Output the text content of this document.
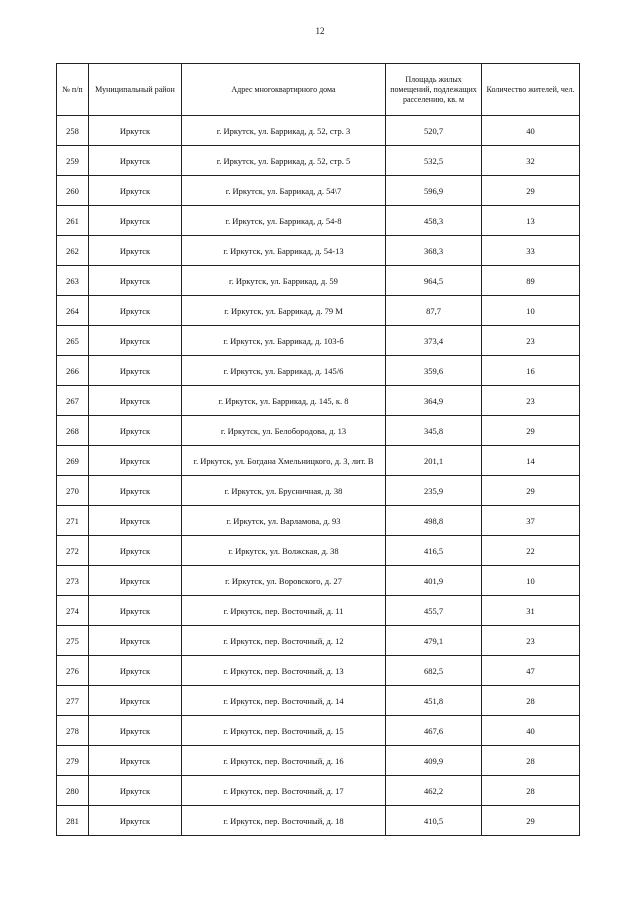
12
№ п/п	Муниципальный район	Адрес многоквартирного дома	Площадь жилых помещений, подлежащих расселению, кв. м	Количество жителей, чел.
258	Иркутск	г. Иркутск, ул. Баррикад, д. 52, стр. 3	520,7	40
259	Иркутск	г. Иркутск, ул. Баррикад, д. 52, стр. 5	532,5	32
260	Иркутск	г. Иркутск, ул. Баррикад, д. 54\7	596,9	29
261	Иркутск	г. Иркутск, ул. Баррикад, д. 54-8	458,3	13
262	Иркутск	г. Иркутск, ул. Баррикад, д. 54-13	368,3	33
263	Иркутск	г. Иркутск, ул. Баррикад, д. 59	964,5	89
264	Иркутск	г. Иркутск, ул. Баррикад, д. 79 М	87,7	10
265	Иркутск	г. Иркутск, ул. Баррикад, д. 103-б	373,4	23
266	Иркутск	г. Иркутск, ул. Баррикад, д. 145/6	359,6	16
267	Иркутск	г. Иркутск, ул. Баррикад, д. 145, к. 8	364,9	23
268	Иркутск	г. Иркутск, ул. Белобородова, д. 13	345,8	29
269	Иркутск	г. Иркутск, ул. Богдана Хмельницкого, д. 3, лит. В	201,1	14
270	Иркутск	г. Иркутск, ул. Брусничная, д. 38	235,9	29
271	Иркутск	г. Иркутск, ул. Варламова, д. 93	498,8	37
272	Иркутск	г. Иркутск, ул. Волжская, д. 38	416,5	22
273	Иркутск	г. Иркутск, ул. Воровского, д. 27	401,9	10
274	Иркутск	г. Иркутск, пер. Восточный, д. 11	455,7	31
275	Иркутск	г. Иркутск, пер. Восточный, д. 12	479,1	23
276	Иркутск	г. Иркутск, пер. Восточный, д. 13	682,5	47
277	Иркутск	г. Иркутск, пер. Восточный, д. 14	451,8	28
278	Иркутск	г. Иркутск, пер. Восточный, д. 15	467,6	40
279	Иркутск	г. Иркутск, пер. Восточный, д. 16	409,9	28
280	Иркутск	г. Иркутск, пер. Восточный, д. 17	462,2	28
281	Иркутск	г. Иркутск, пер. Восточный, д. 18	410,5	29
